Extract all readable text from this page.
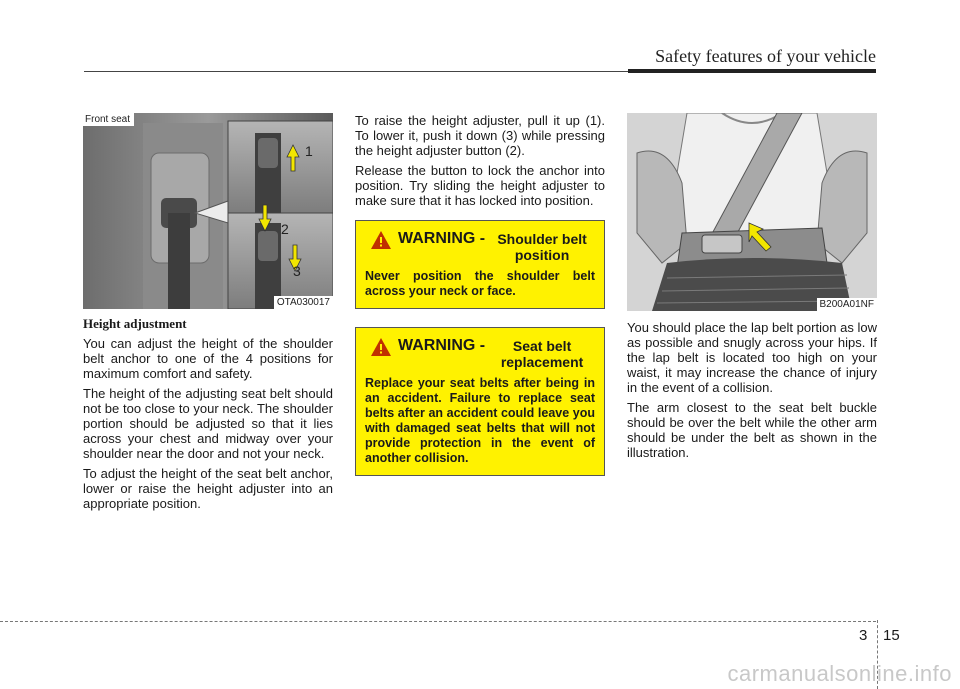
Safety features of your vehicle
Front seat
1
2
3
OTA030017
Height adjustment

You can adjust the height of the shoulder belt anchor to one of the 4 positions for maximum comfort and safety.

The height of the adjusting seat belt should not be too close to your neck. The shoulder portion should be adjusted so that it lies across your chest and midway over your shoulder near the door and not your neck.

To adjust the height of the seat belt anchor, lower or raise the height adjuster into an appropriate position.

To raise the height adjuster, pull it up (1). To lower it, push it down (3) while pressing the height adjuster button (2).

Release the button to lock the anchor into position. Try sliding the height adjuster to make sure that it has locked into position.

WARNING - Shoulder belt position
Never position the shoulder belt across your neck or face.
WARNING -	Seat belt replacement
Replace your seat belts after being in an accident. Failure to replace seat belts after an accident could leave you with damaged seat belts that will not provide protection in the event of another collision.
B200A01NF

You should place the lap belt portion as low as possible and snugly across your hips. If the lap belt is located too high on your waist, it may increase the chance of injury in the event of a collision.

The arm closest to the seat belt buckle should be over the belt while the other arm should be under the belt as shown in the illustration.

3 15
carmanualsonline.info
